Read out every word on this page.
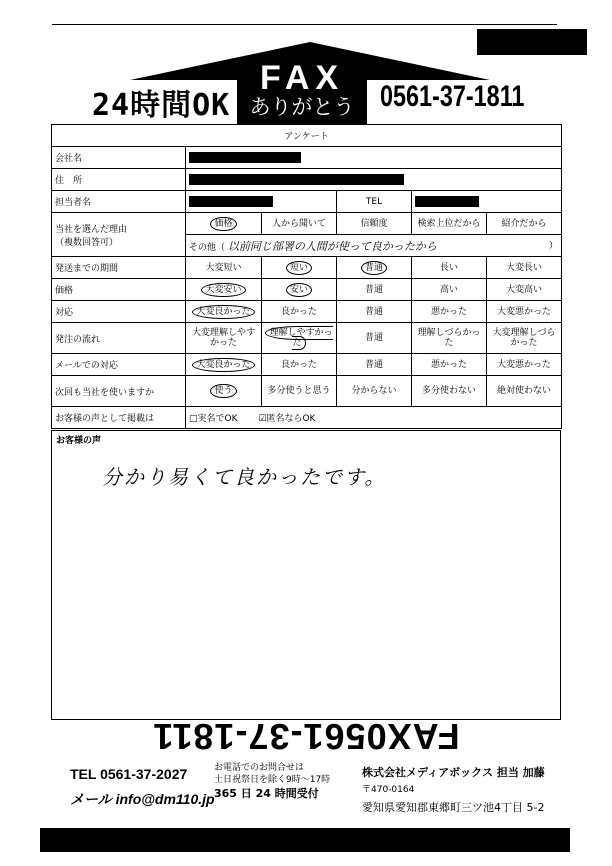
24時間OK
FAX
ありがとう 0561-37-1811
アンケート					
会社名					

住　所					

担当者名			TEL		

当社を選んだ理由
（複数回答可）	価格	人から聞いて	信頼度	検索上位だから	紹介だから
	その他（ 以前同じ部署の人間が使って良かったから ）				

発送までの期間	大変短い	短い	普通	長い	大変長い
価格	大変安い	安い	普通	高い	大変高い
対応	大変良かった	良かった	普通	悪かった	大変悪かった
発注の流れ	大変理解しやすかった	理解しやすかった	普通	理解しづらかった	大変理解しづらかった
メールでの対応	大変良かった	良かった	普通	悪かった	大変悪かった
次回も当社を使いますか	使う	多分使うと思う	分からない	多分使わない	絶対使わない
お客様の声として掲載は	□実名でOK ☑匿名ならOK				
お客様の声
分かり易くて良かったです。
FAX0561-37-1811
TEL 0561-37-2027
メール info@dm110.jp
お電話でのお問合せは
土日祝祭日を除く9時〜17時
365 日 24 時間受付
株式会社メディアボックス 担当 加藤
〒470-0164
愛知県愛知郡東郷町三ツ池4丁目 5-2
